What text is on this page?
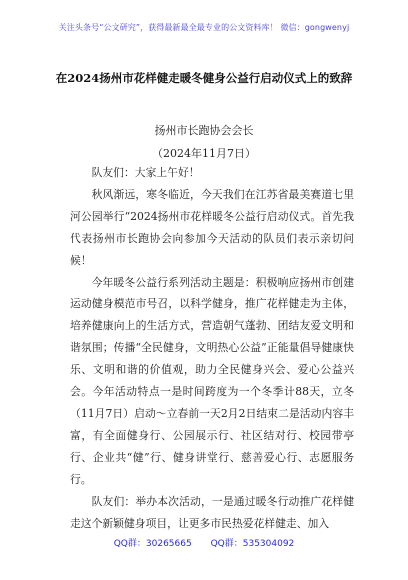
关注头条号“公文研究”，获得最新最全最专业的公文资料库！ 微信：gongwenyj
在2024扬州市花样健走暖冬健身公益行启动仪式上的致辞
扬州市长跑协会会长
（2024年11月7日）

队友们：大家上午好！

秋风渐远，寒冬临近，今天我们在江苏省最美赛道七里河公园举行“2024扬州市花样暖冬公益行启动仪式。首先我代表扬州市长跑协会向参加今天活动的队员们表示亲切问候！

今年暖冬公益行系列活动主题是：积极响应扬州市创建运动健身模范市号召，以科学健身，推广花样健走为主体，培养健康向上的生活方式，营造朝气蓬勃、团结友爱文明和谐氛围；传播“全民健身，文明热心公益”正能量倡导健康快乐、文明和谐的价值观，助力全民健身兴会、爱心公益兴会。今年活动特点一是时间跨度为一个冬季计88天，立冬（11月7日）启动～立春前一天2月2日结束二是活动内容丰富，有全面健身行、公园展示行、社区结对行、校园带亭行、企业共“健”行、健身讲堂行、慈善爱心行、志愿服务行。

队友们：举办本次活动，一是通过暖冬行动推广花样健走这个新颖健身项目，让更多市民热爱花样健走、加入

QQ群：30265665 QQ群：535304092
